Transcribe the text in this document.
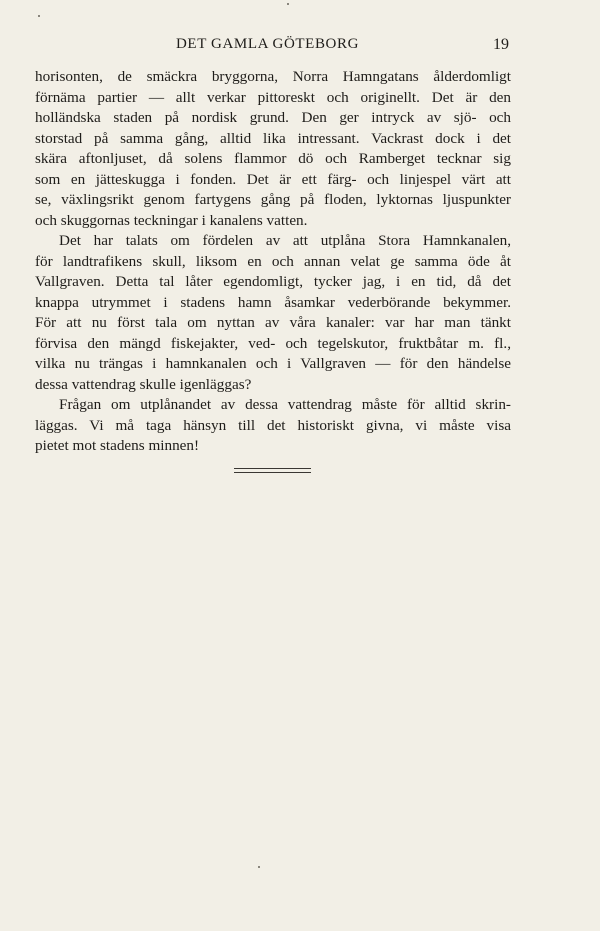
DET GAMLA GÖTEBORG	19
horisonten, de smäckra bryggorna, Norra Hamngatans ålderdomligt
förnäma partier — allt verkar pittoreskt och originellt. Det är den
holländska staden på nordisk grund. Den ger intryck av sjö- och
storstad på samma gång, alltid lika intressant. Vackrast dock i det
skära aftonljuset, då solens flammor dö och Ramberget tecknar sig
som en jätteskugga i fonden. Det är ett färg- och linjespel värt att
se, växlingsrikt genom fartygens gång på floden, lyktornas ljuspunkter
och skuggornas teckningar i kanalens vatten.
Det har talats om fördelen av att utplåna Stora Hamnkanalen,
för landtrafikens skull, liksom en och annan velat ge samma öde åt
Vallgraven. Detta tal låter egendomligt, tycker jag, i en tid, då det
knappa utrymmet i stadens hamn åsamkar vederbörande bekymmer.
För att nu först tala om nyttan av våra kanaler: var har man tänkt
förvisa den mängd fiskejakter, ved- och tegelskutor, fruktbåtar m. fl.,
vilka nu trängas i hamnkanalen och i Vallgraven — för den händelse
dessa vattendrag skulle igenläggas?
Frågan om utplånandet av dessa vattendrag måste för alltid skrin-
läggas. Vi må taga hänsyn till det historiskt givna, vi måste visa
pietet mot stadens minnen!
